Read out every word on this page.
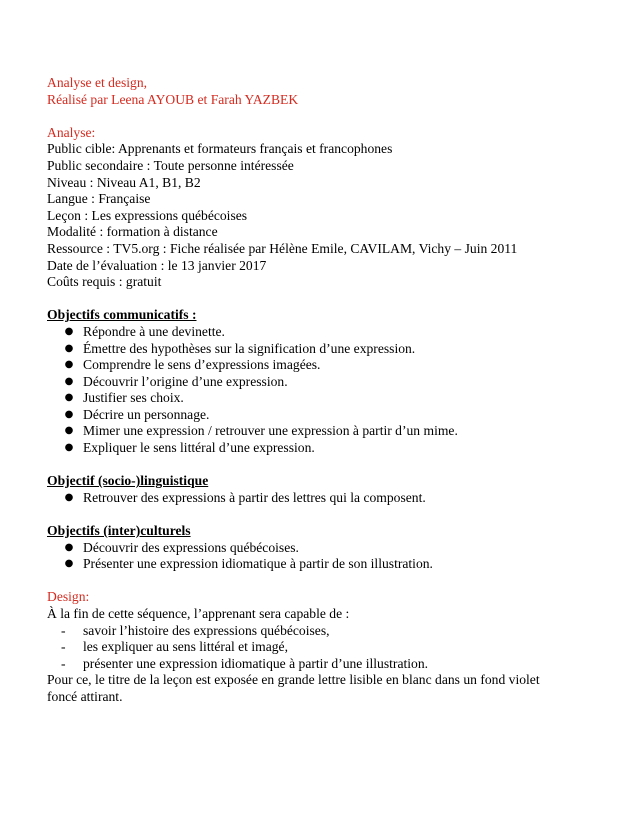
Analyse et design,
Réalisé par Leena AYOUB et Farah YAZBEK
Analyse:
Public cible: Apprenants et formateurs français et francophones
Public secondaire : Toute personne intéressée
Niveau : Niveau A1, B1, B2
Langue : Française
Leçon : Les expressions québécoises
Modalité : formation à distance
Ressource : TV5.org : Fiche réalisée par Hélène Emile, CAVILAM, Vichy – Juin 2011
Date de l’évaluation : le 13 janvier 2017
Coûts requis : gratuit
Objectifs communicatifs :
● Répondre à une devinette.
● Émettre des hypothèses sur la signification d’une expression.
● Comprendre le sens d’expressions imagées.
● Découvrir l’origine d’une expression.
● Justifier ses choix.
● Décrire un personnage.
● Mimer une expression / retrouver une expression à partir d’un mime.
● Expliquer le sens littéral d’une expression.
Objectif (socio-)linguistique
● Retrouver des expressions à partir des lettres qui la composent.
Objectifs (inter)culturels
● Découvrir des expressions québécoises.
● Présenter une expression idiomatique à partir de son illustration.
Design:
À la fin de cette séquence, l’apprenant sera capable de :
- savoir l’histoire des expressions québécoises,
- les expliquer au sens littéral et imagé,
- présenter une expression idiomatique à partir d’une illustration.
Pour ce, le titre de la leçon est exposée en grande lettre lisible en blanc dans un fond violet foncé attirant.
